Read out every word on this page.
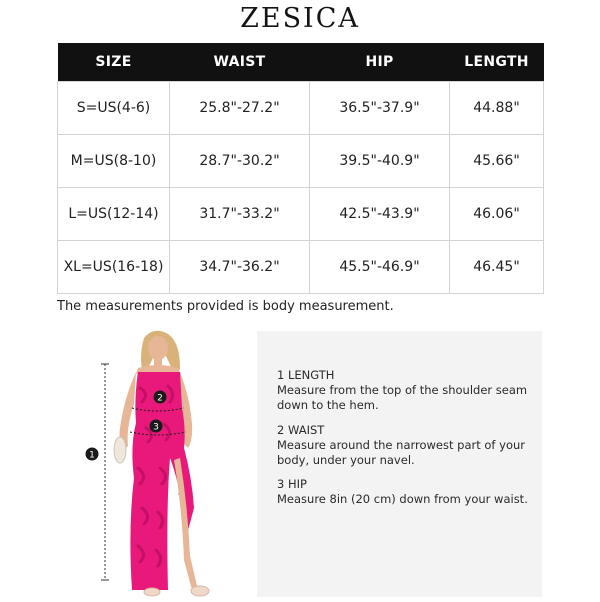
ZESICA
SIZE	WAIST	HIP	LENGTH
S=US(4-6)	25.8"-27.2"	36.5"-37.9"	44.88"
M=US(8-10)	28.7"-30.2"	39.5"-40.9"	45.66"
L=US(12-14)	31.7"-33.2"	42.5"-43.9"	46.06"
XL=US(16-18)	34.7"-36.2"	45.5"-46.9"	46.45"
The measurements provided is body measurement.
1
2
3
1 LENGTH
Measure from the top of the shoulder seam down to the hem.
2 WAIST
Measure around the narrowest part of your body, under your navel.
3 HIP
Measure 8in (20 cm) down from your waist.
